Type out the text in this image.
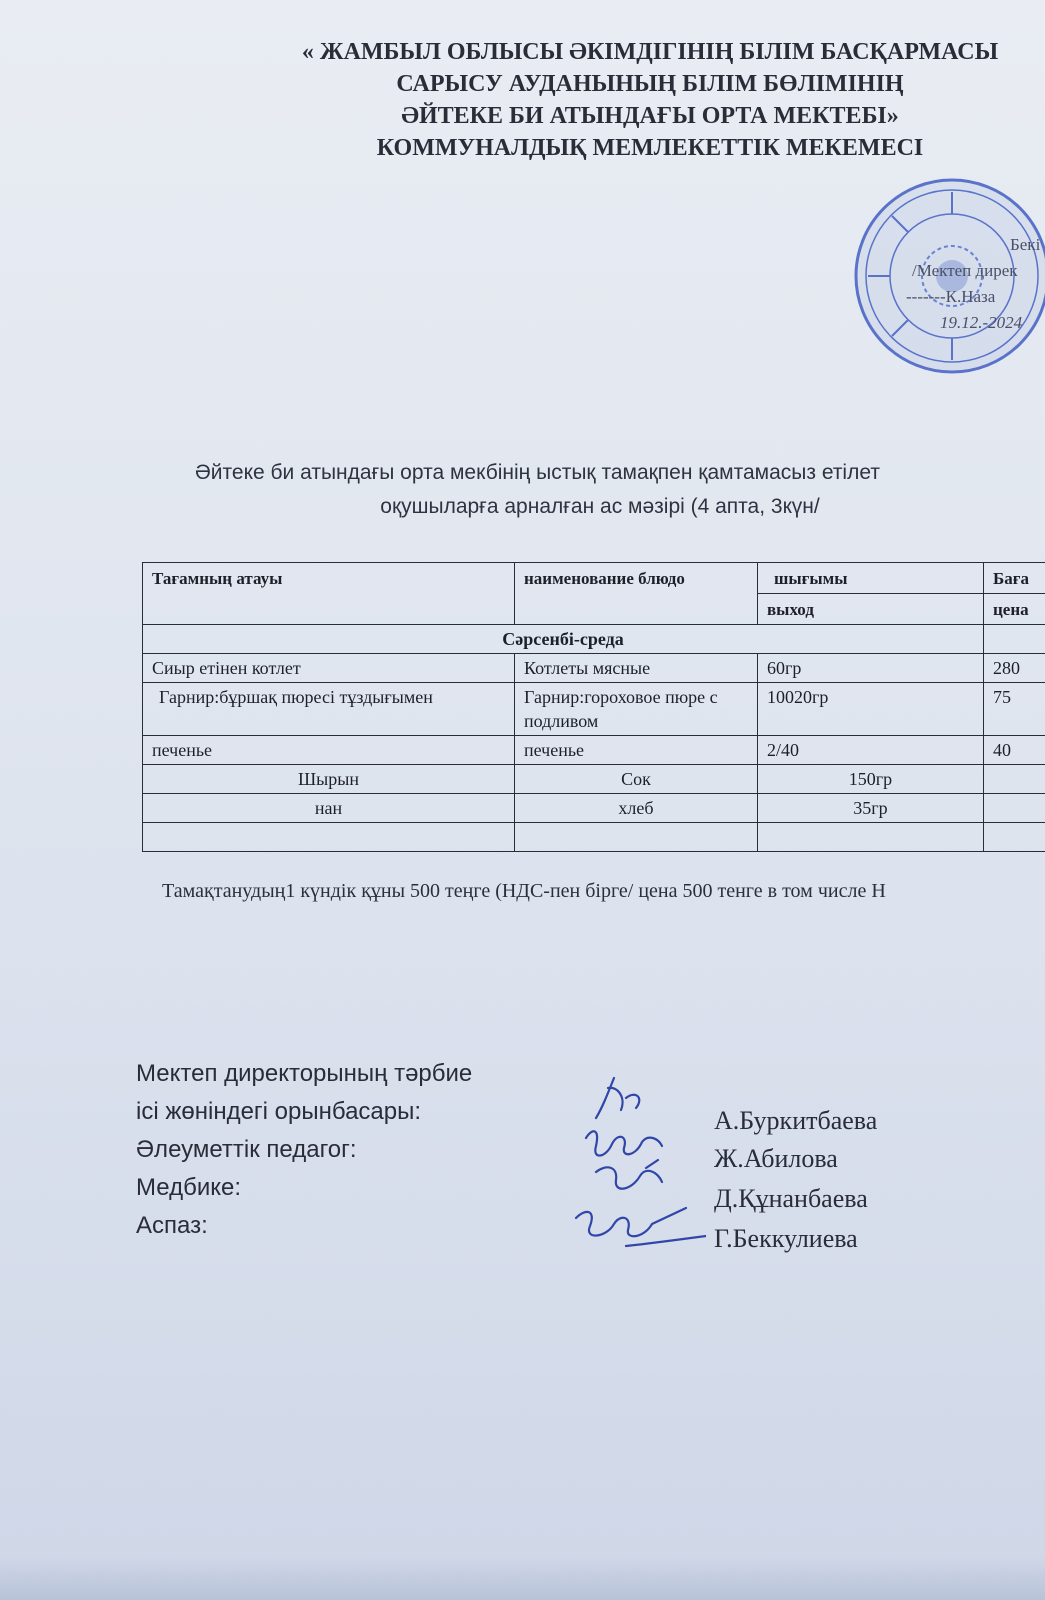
« ЖАМБЫЛ ОБЛЫСЫ ӘКІМДІГІНІҢ БІЛІМ БАСҚАРМАСЫ
САРЫСУ АУДАНЫНЫҢ БІЛІМ БӨЛІМІНІҢ
ӘЙТЕКЕ БИ АТЫНДАҒЫ ОРТА МЕКТЕБІ»
КОММУНАЛДЫҚ МЕМЛЕКЕТТІК МЕКЕМЕСІ
Бекі
/Мектеп дирек
-------К.Наза
19.12.-2024
Әйтеке би атындағы орта мекбінің ыстық тамақпен қамтамасыз етілет
оқушыларға арналған ас мәзірі (4 апта, 3күн/
Тағамның атауы	наименование блюдо	шығымы	Баға
		выход	цена
Сәрсенбі-среда			
Сиыр етінен котлет	Котлеты мясные	60гр	280
Гарнир:бұршақ пюресі тұздығымен	Гарнир:гороховое пюре с подливом	10020гр	75
печенье	печенье	2/40	40
Шырын	Сок	150гр	
нан	хлеб	35гр	

Тамақтанудың1 күндік құны 500 теңге (НДС-пен бірге/ цена 500 тенге в том числе Н
Мектеп директорының тәрбие
ісі жөніндегі орынбасары:
Әлеуметтік педагог:
Медбике:
Аспаз:
А.Буркитбаева
Ж.Абилова
Д.Құнанбаева
Г.Беккулиева
